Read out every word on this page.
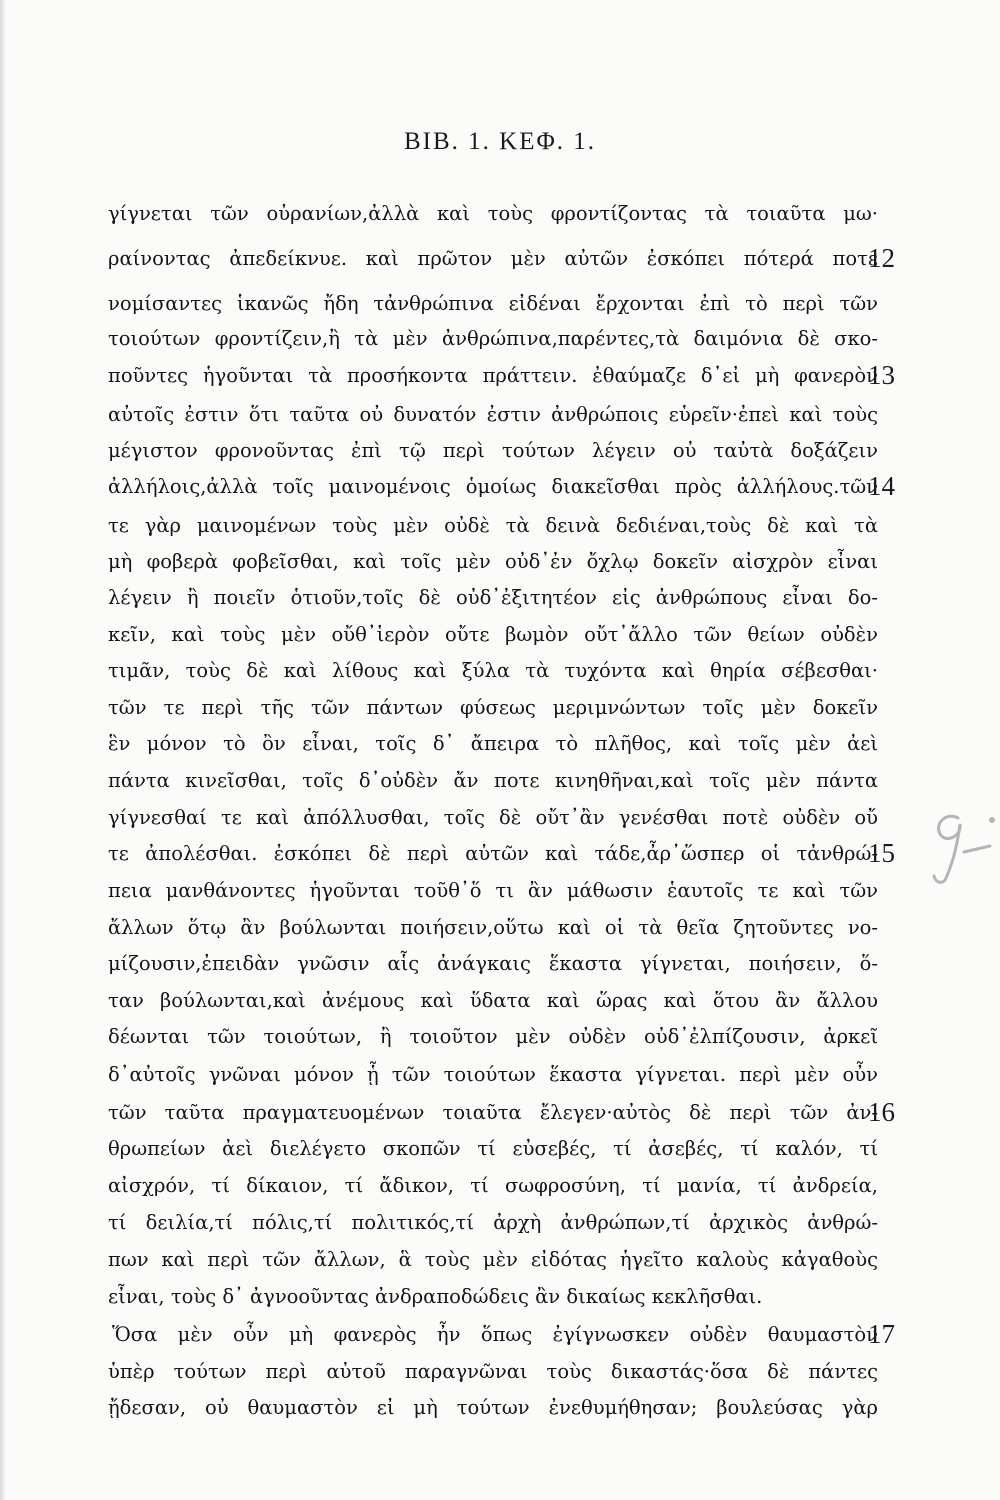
BIB. 1. ΚΕΦ. 1.
γίγνεται τῶν οὐρανίων,ἀλλὰ καὶ τοὺς φροντίζοντας τὰ τοιαῦτα μω·
ραίνοντας ἀπεδείκνυε. καὶ πρῶτον μὲν αὐτῶν ἐσκόπει πότερά ποτε
νομίσαντες ἱκανῶς ἤδη τἀνθρώπινα εἰδέναι ἔρχονται ἐπὶ τὸ περὶ τῶν
τοιούτων φροντίζειν,ἢ τὰ μὲν ἀνθρώπινα,παρέντες,τὰ δαιμόνια δὲ σκο-
ποῦντες ἡγοῦνται τὰ προσήκοντα πράττειν. ἐθαύμαζε δ᾽εἰ μὴ φανερὸν
αὐτοῖς ἐστιν ὅτι ταῦτα οὐ δυνατόν ἐστιν ἀνθρώποις εὑρεῖν·ἐπεὶ καὶ τοὺς
μέγιστον φρονοῦντας ἐπὶ τῷ περὶ τούτων λέγειν οὐ ταὐτὰ δοξάζειν
ἀλλήλοις,ἀλλὰ τοῖς μαινομένοις ὁμοίως διακεῖσθαι πρὸς ἀλλήλους.τῶν
τε γὰρ μαινομένων τοὺς μὲν οὐδὲ τὰ δεινὰ δεδιέναι,τοὺς δὲ καὶ τὰ
μὴ φοβερὰ φοβεῖσθαι, καὶ τοῖς μὲν οὐδ᾽ἐν ὄχλῳ δοκεῖν αἰσχρὸν εἶναι
λέγειν ἢ ποιεῖν ὁτιοῦν,τοῖς δὲ οὐδ᾽ἐξιτητέον εἰς ἀνθρώπους εἶναι δο-
κεῖν, καὶ τοὺς μὲν οὔθ᾽ἱερὸν οὔτε βωμὸν οὔτ᾽ἄλλο τῶν θείων οὐδὲν
τιμᾶν, τοὺς δὲ καὶ λίθους καὶ ξύλα τὰ τυχόντα καὶ θηρία σέβεσθαι·
τῶν τε περὶ τῆς τῶν πάντων φύσεως μεριμνώντων τοῖς μὲν δοκεῖν
ἓν μόνον τὸ ὂν εἶναι, τοῖς δ᾽ ἄπειρα τὸ πλῆθος, καὶ τοῖς μὲν ἀεὶ
πάντα κινεῖσθαι, τοῖς δ᾽οὐδὲν ἄν ποτε κινηθῆναι,καὶ τοῖς μὲν πάντα
γίγνεσθαί τε καὶ ἀπόλλυσθαι, τοῖς δὲ οὔτ᾽ἂν γενέσθαι ποτὲ οὐδὲν οὔ
τε ἀπολέσθαι. ἐσκόπει δὲ περὶ αὐτῶν καὶ τάδε,ἆρ᾽ὥσπερ οἱ τἀνθρώ-
πεια μανθάνοντες ἡγοῦνται τοῦθ᾽ὅ τι ἂν μάθωσιν ἑαυτοῖς τε καὶ τῶν
ἄλλων ὅτῳ ἂν βούλωνται ποιήσειν,οὕτω καὶ οἱ τὰ θεῖα ζητοῦντες νο-
μίζουσιν,ἐπειδὰν γνῶσιν αἷς ἀνάγκαις ἕκαστα γίγνεται, ποιήσειν, ὅ-
ταν βούλωνται,καὶ ἀνέμους καὶ ὕδατα καὶ ὥρας καὶ ὅτου ἂν ἄλλου
δέωνται τῶν τοιούτων, ἢ τοιοῦτον μὲν οὐδὲν οὐδ᾽ἐλπίζουσιν, ἀρκεῖ
δ᾽αὐτοῖς γνῶναι μόνον ᾗ τῶν τοιούτων ἕκαστα γίγνεται. περὶ μὲν οὖν
τῶν ταῦτα πραγματευομένων τοιαῦτα ἔλεγεν·αὐτὸς δὲ περὶ τῶν ἀν-
θρωπείων ἀεὶ διελέγετο σκοπῶν τί εὐσεβές, τί ἀσεβές, τί καλόν, τί
αἰσχρόν, τί δίκαιον, τί ἄδικον, τί σωφροσύνη, τί μανία, τί ἀνδρεία,
τί δειλία,τί πόλις,τί πολιτικός,τί ἀρχὴ ἀνθρώπων,τί ἀρχικὸς ἀνθρώ-
πων καὶ περὶ τῶν ἄλλων, ἃ τοὺς μὲν εἰδότας ἡγεῖτο καλοὺς κἀγαθοὺς
εἶναι, τοὺς δ᾽ ἀγνοοῦντας ἀνδραποδώδεις ἂν δικαίως κεκλῆσθαι.
Ὅσα μὲν οὖν μὴ φανερὸς ἦν ὅπως ἐγίγνωσκεν οὐδὲν θαυμαστὸν
ὑπὲρ τούτων περὶ αὐτοῦ παραγνῶναι τοὺς δικαστάς·ὅσα δὲ πάντες
ᾔδεσαν, οὐ θαυμαστὸν εἰ μὴ τούτων ἐνεθυμήθησαν; βουλεύσας γὰρ
12
13
14
15
16
17
